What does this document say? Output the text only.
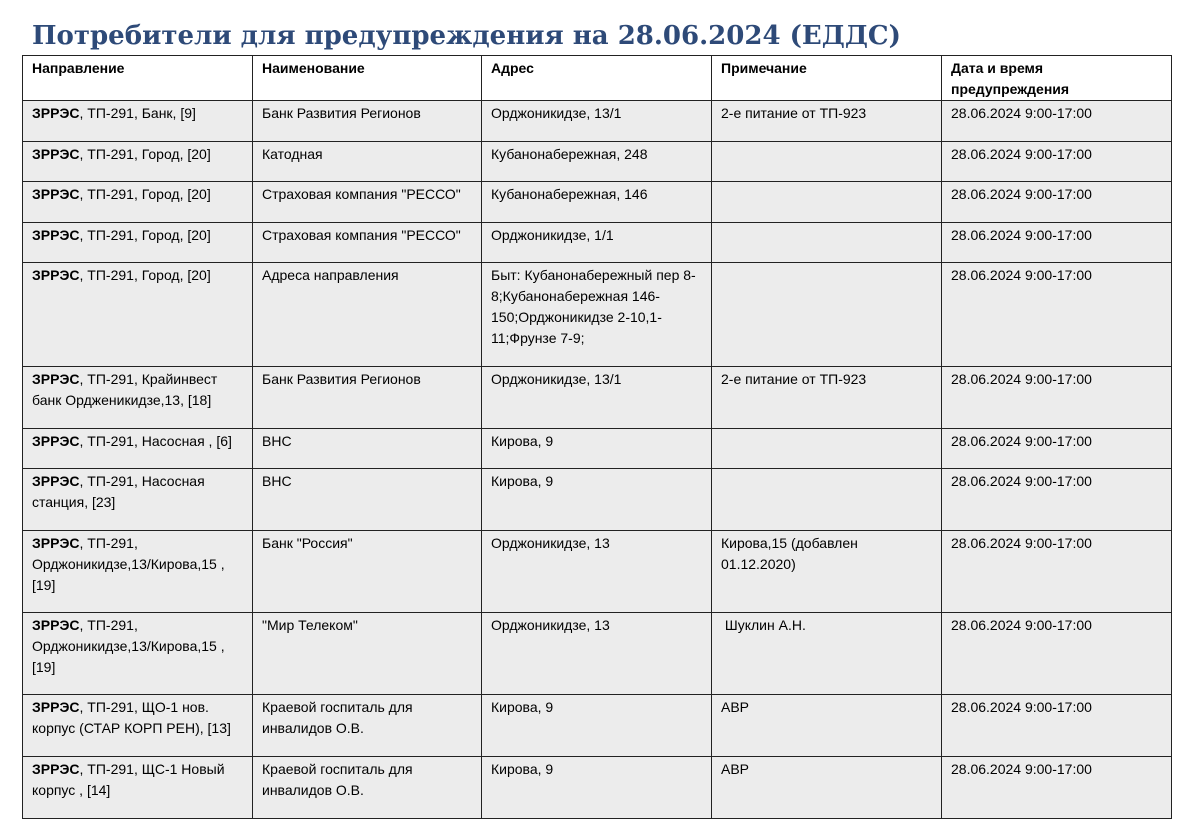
Потребители для предупреждения на 28.06.2024 (ЕДДС)
Направление	Наименование	Адрес	Примечание	Дата и время предупреждения
ЗРРЭС, ТП-291, Банк, [9]	Банк Развития Регионов	Орджоникидзе, 13/1	2-е питание от ТП-923	28.06.2024 9:00-17:00
ЗРРЭС, ТП-291, Город, [20]	Катодная	Кубанонабережная, 248		28.06.2024 9:00-17:00
ЗРРЭС, ТП-291, Город, [20]	Страховая компания "РЕССО"	Кубанонабережная, 146		28.06.2024 9:00-17:00
ЗРРЭС, ТП-291, Город, [20]	Страховая компания "РЕССО"	Орджоникидзе, 1/1		28.06.2024 9:00-17:00
ЗРРЭС, ТП-291, Город, [20]	Адреса направления	Быт: Кубанонабережный пер 8-8;Кубанонабережная 146-150;Орджоникидзе 2-10,1-11;Фрунзе 7-9;		28.06.2024 9:00-17:00
ЗРРЭС, ТП-291, Крайинвест банк Ордженикидзе,13, [18]	Банк Развития Регионов	Орджоникидзе, 13/1	2-е питание от ТП-923	28.06.2024 9:00-17:00
ЗРРЭС, ТП-291, Насосная , [6]	ВНС	Кирова, 9		28.06.2024 9:00-17:00
ЗРРЭС, ТП-291, Насосная станция, [23]	ВНС	Кирова, 9		28.06.2024 9:00-17:00
ЗРРЭС, ТП-291, Орджоникидзе,13/Кирова,15 , [19]	Банк "Россия"	Орджоникидзе, 13	Кирова,15 (добавлен 01.12.2020)	28.06.2024 9:00-17:00
ЗРРЭС, ТП-291, Орджоникидзе,13/Кирова,15 , [19]	"Мир Телеком"	Орджоникидзе, 13	Шуклин А.Н.	28.06.2024 9:00-17:00
ЗРРЭС, ТП-291, ЩО-1 нов. корпус (СТАР КОРП РЕН), [13]	Краевой госпиталь для инвалидов О.В.	Кирова, 9	АВР	28.06.2024 9:00-17:00
ЗРРЭС, ТП-291, ЩС-1 Новый корпус , [14]	Краевой госпиталь для инвалидов О.В.	Кирова, 9	АВР	28.06.2024 9:00-17:00
